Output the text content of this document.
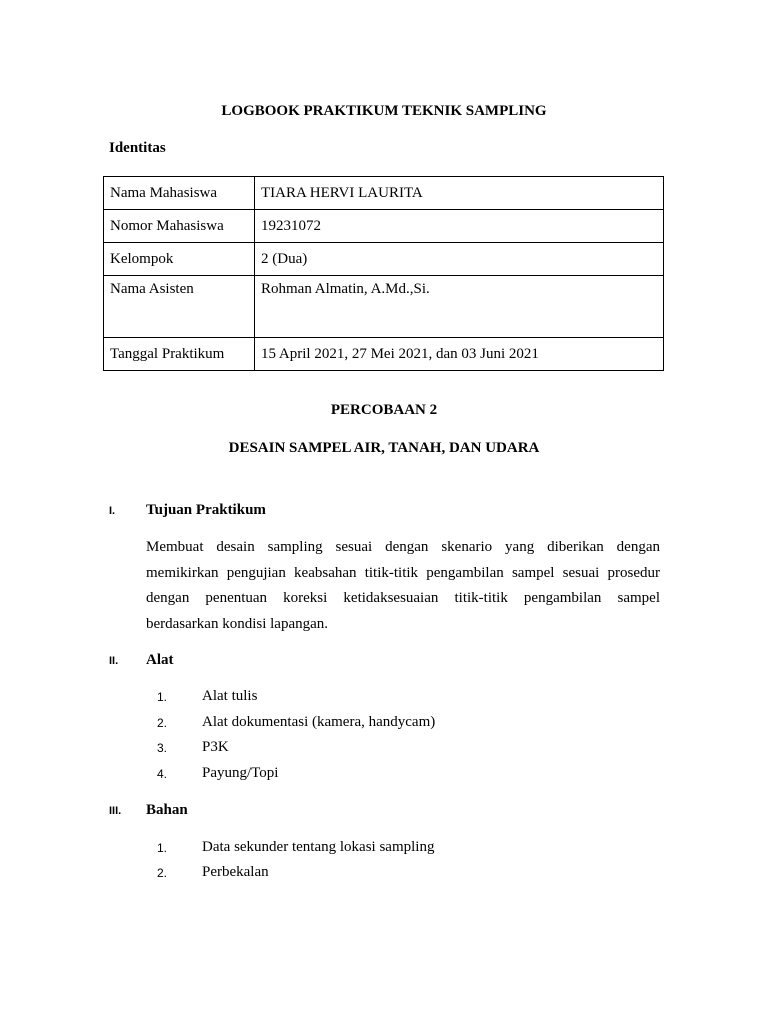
LOGBOOK PRAKTIKUM TEKNIK SAMPLING
Identitas
Nama Mahasiswa	TIARA HERVI LAURITA
Nomor Mahasiswa	19231072
Kelompok	2 (Dua)
Nama Asisten	Rohman Almatin, A.Md.,Si.
Tanggal Praktikum	15 April 2021, 27 Mei 2021, dan 03 Juni 2021
PERCOBAAN 2
DESAIN SAMPEL AIR, TANAH, DAN UDARA
I. Tujuan Praktikum
Membuat desain sampling sesuai dengan skenario yang diberikan dengan memikirkan pengujian keabsahan titik-titik pengambilan sampel sesuai prosedur dengan penentuan koreksi ketidaksesuaian titik-titik pengambilan sampel berdasarkan kondisi lapangan.
II. Alat
1. Alat tulis
2. Alat dokumentasi (kamera, handycam)
3. P3K
4. Payung/Topi
III. Bahan
1. Data sekunder tentang lokasi sampling
2. Perbekalan
